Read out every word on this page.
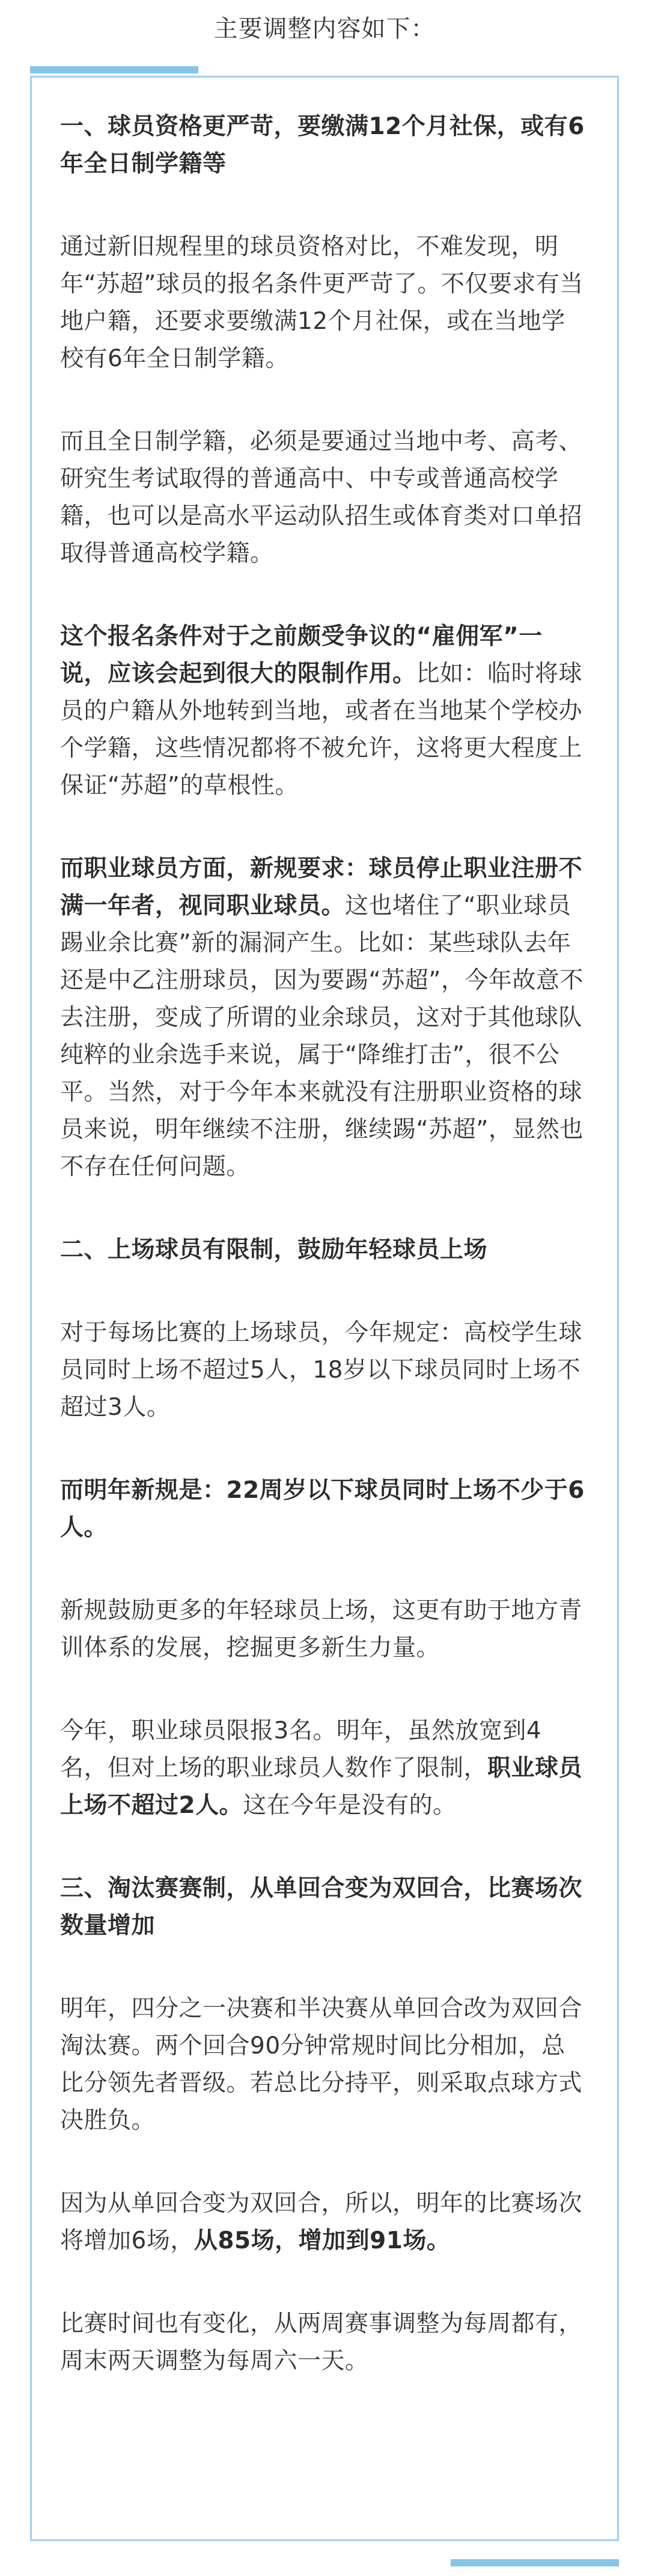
主要调整内容如下：

一、球员资格更严苛，要缴满12个月社保，或有6年全日制学籍等

通过新旧规程里的球员资格对比，不难发现，明年“苏超”球员的报名条件更严苛了。不仅要求有当地户籍，还要求要缴满12个月社保，或在当地学校有6年全日制学籍。

而且全日制学籍，必须是要通过当地中考、高考、研究生考试取得的普通高中、中专或普通高校学籍，也可以是高水平运动队招生或体育类对口单招取得普通高校学籍。

这个报名条件对于之前颇受争议的“雇佣军”一说，应该会起到很大的限制作用。比如：临时将球员的户籍从外地转到当地，或者在当地某个学校办个学籍，这些情况都将不被允许，这将更大程度上保证“苏超”的草根性。

而职业球员方面，新规要求：球员停止职业注册不满一年者，视同职业球员。这也堵住了“职业球员踢业余比赛”新的漏洞产生。比如：某些球队去年还是中乙注册球员，因为要踢“苏超”，今年故意不去注册，变成了所谓的业余球员，这对于其他球队纯粹的业余选手来说，属于“降维打击”，很不公平。当然，对于今年本来就没有注册职业资格的球员来说，明年继续不注册，继续踢“苏超”，显然也不存在任何问题。

二、上场球员有限制，鼓励年轻球员上场

对于每场比赛的上场球员，今年规定：高校学生球员同时上场不超过5人，18岁以下球员同时上场不超过3人。

而明年新规是：22周岁以下球员同时上场不少于6人。

新规鼓励更多的年轻球员上场，这更有助于地方青训体系的发展，挖掘更多新生力量。

今年，职业球员限报3名。明年，虽然放宽到4名，但对上场的职业球员人数作了限制，职业球员上场不超过2人。这在今年是没有的。

三、淘汰赛赛制，从单回合变为双回合，比赛场次数量增加

明年，四分之一决赛和半决赛从单回合改为双回合淘汰赛。两个回合90分钟常规时间比分相加，总比分领先者晋级。若总比分持平，则采取点球方式决胜负。

因为从单回合变为双回合，所以，明年的比赛场次将增加6场，从85场，增加到91场。

比赛时间也有变化，从两周赛事调整为每周都有，周末两天调整为每周六一天。
